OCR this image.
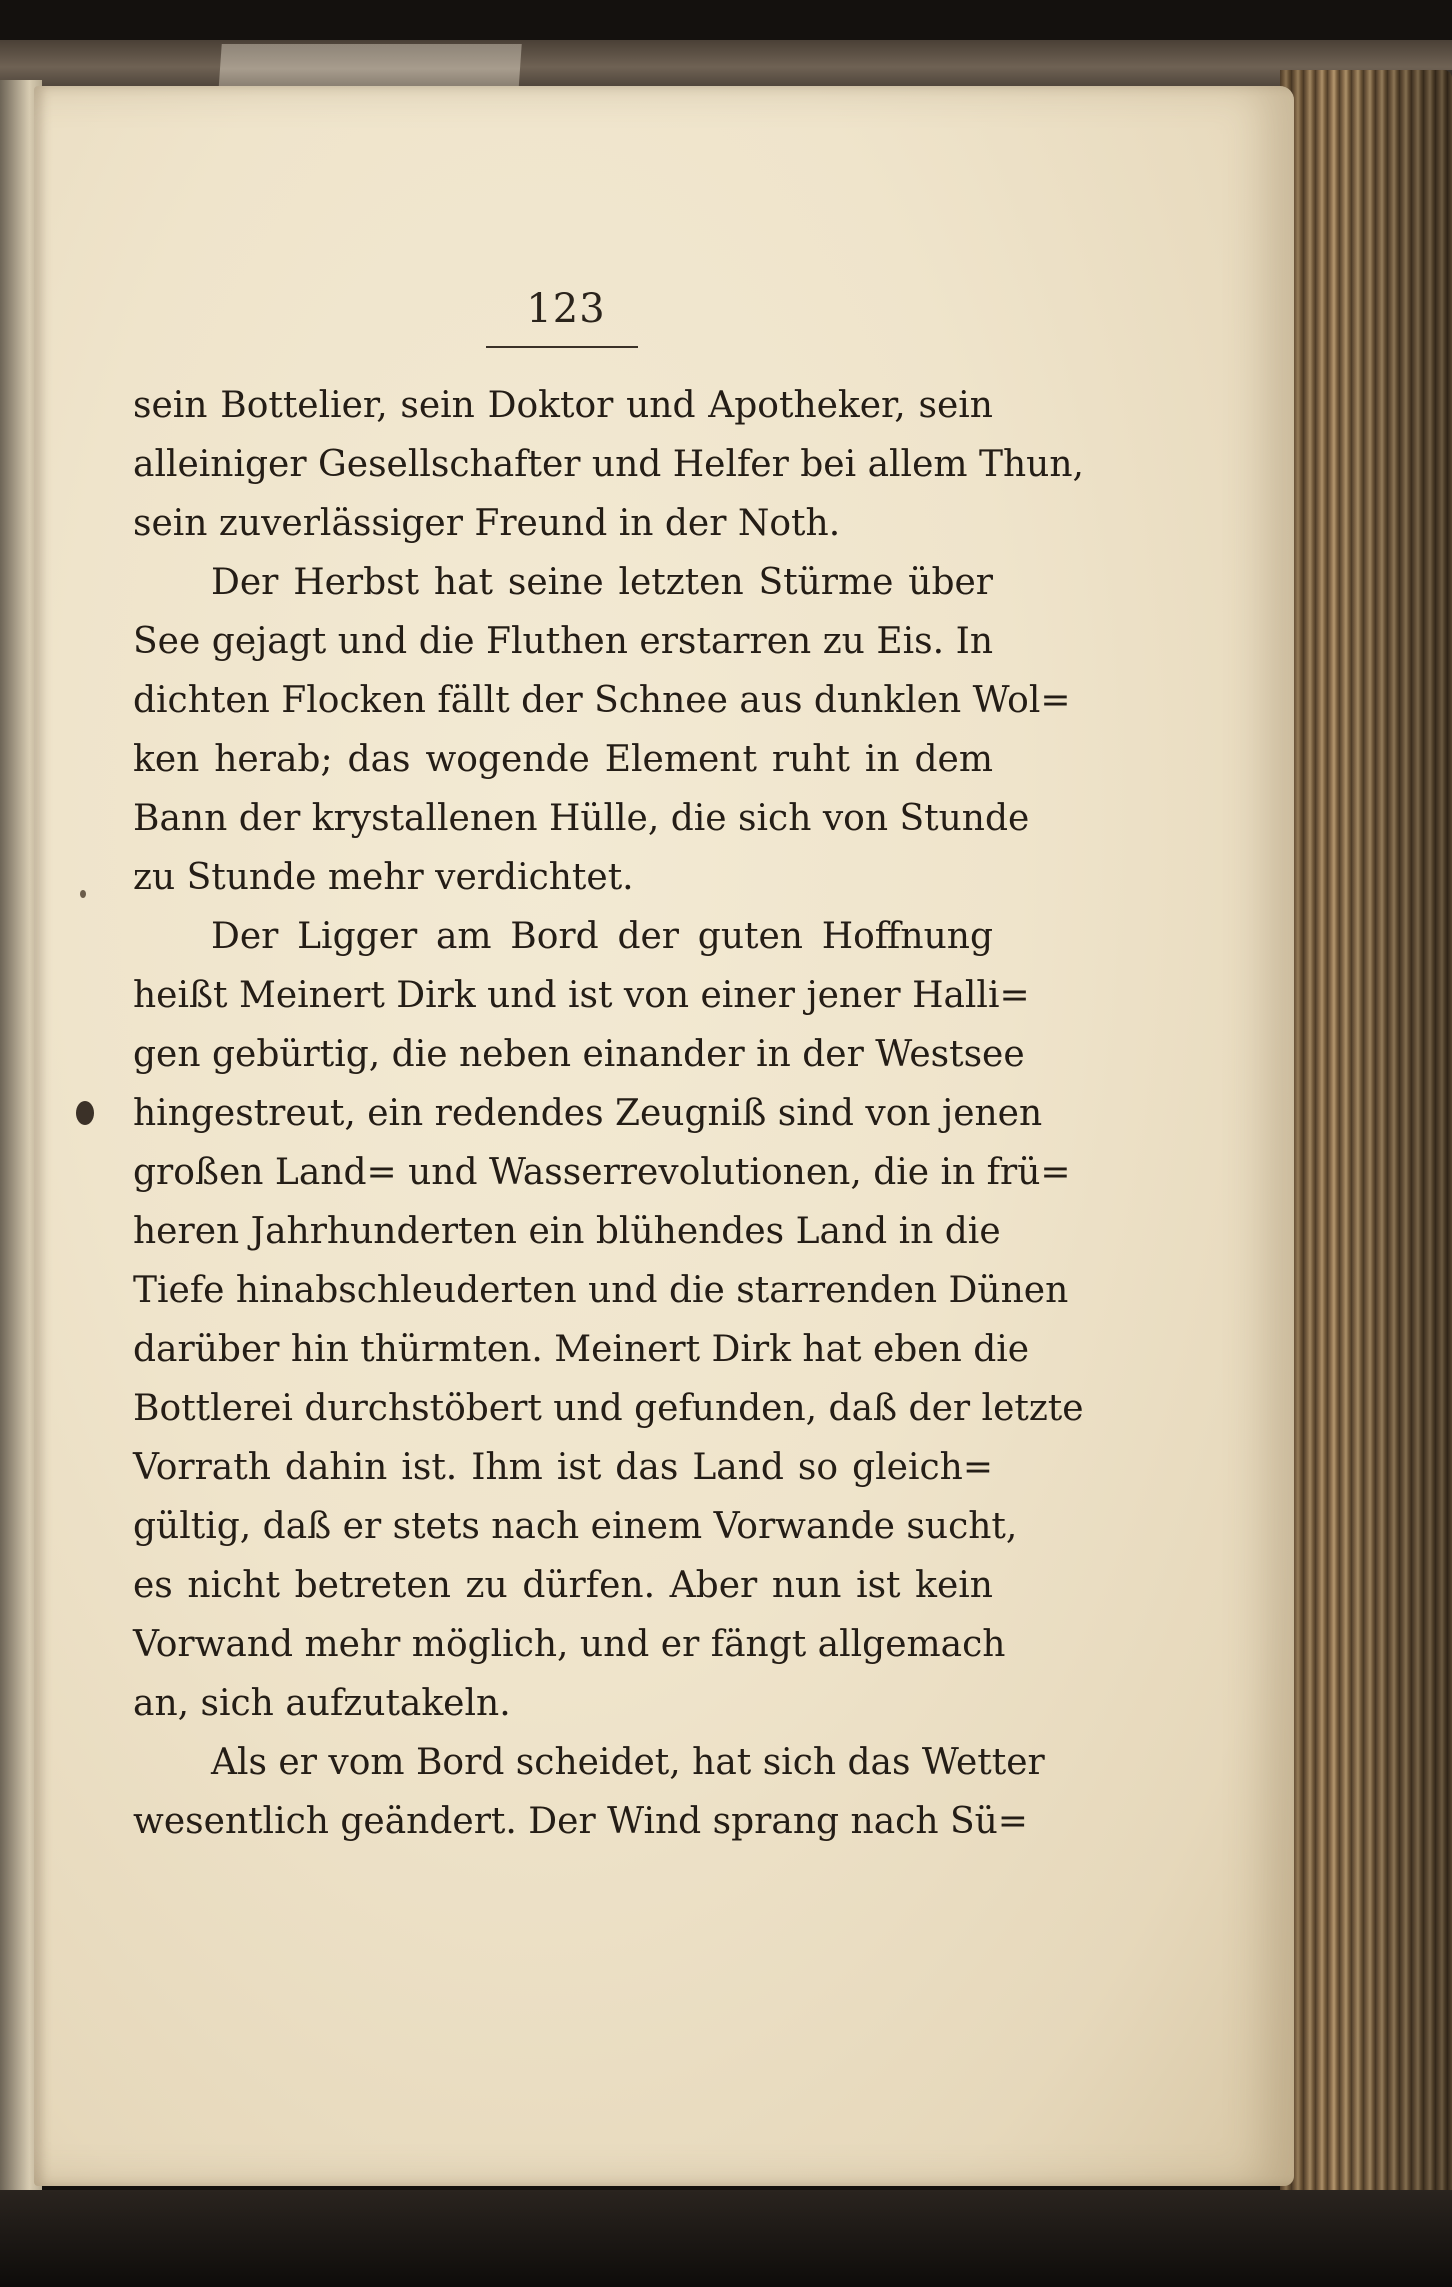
123
sein Bottelier, sein Doktor und Apotheker, sein
alleiniger Gesellschafter und Helfer bei allem Thun,
sein zuverlässiger Freund in der Noth.
Der Herbst hat seine letzten Stürme über
See gejagt und die Fluthen erstarren zu Eis. In
dichten Flocken fällt der Schnee aus dunklen Wol=
ken herab; das wogende Element ruht in dem
Bann der krystallenen Hülle, die sich von Stunde
zu Stunde mehr verdichtet.
Der Ligger am Bord der guten Hoffnung
heißt Meinert Dirk und ist von einer jener Halli=
gen gebürtig, die neben einander in der Westsee
hingestreut, ein redendes Zeugniß sind von jenen
großen Land= und Wasserrevolutionen, die in frü=
heren Jahrhunderten ein blühendes Land in die
Tiefe hinabschleuderten und die starrenden Dünen
darüber hin thürmten. Meinert Dirk hat eben die
Bottlerei durchstöbert und gefunden, daß der letzte
Vorrath dahin ist. Ihm ist das Land so gleich=
gültig, daß er stets nach einem Vorwande sucht,
es nicht betreten zu dürfen. Aber nun ist kein
Vorwand mehr möglich, und er fängt allgemach
an, sich aufzutakeln.
Als er vom Bord scheidet, hat sich das Wetter
wesentlich geändert. Der Wind sprang nach Sü=
